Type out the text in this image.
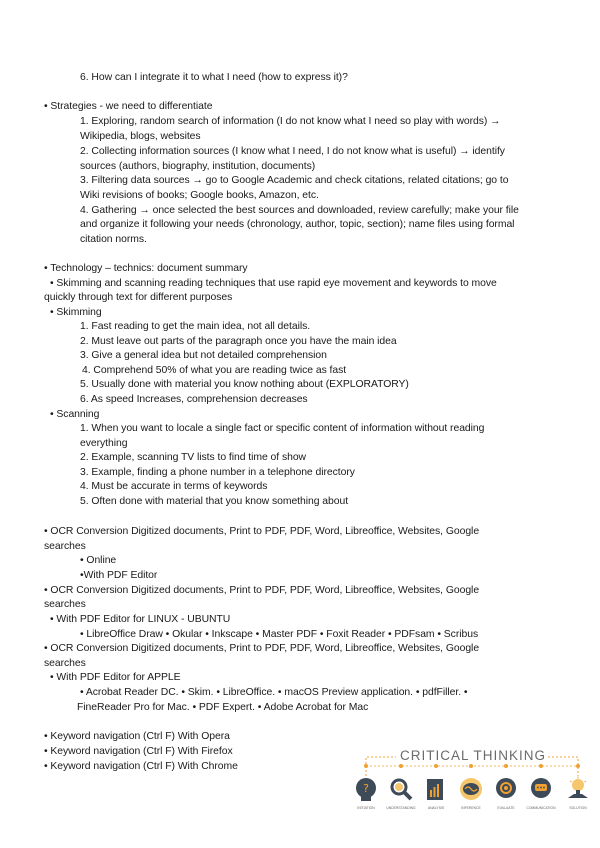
6. How can I integrate it to what I need (how to express it)?
• Strategies - we need to differentiate
1. Exploring, random search of information (I do not know what I need so play with words) →
Wikipedia, blogs, websites
2. Collecting information sources (I know what I need, I do not know what is useful) → identify
sources (authors, biography, institution, documents)
3. Filtering data sources → go to Google Academic and check citations, related citations; go to
Wiki revisions of books; Google books, Amazon, etc.
4. Gathering → once selected the best sources and downloaded, review carefully; make your file
and organize it following your needs (chronology, author, topic, section); name files using formal
citation norms.
• Technology – technics: document summary
• Skimming and scanning reading techniques that use rapid eye movement and keywords to move
quickly through text for different purposes
• Skimming
1. Fast reading to get the main idea, not all details.
2. Must leave out parts of the paragraph once you have the main idea
3. Give a general idea but not detailed comprehension
4. Comprehend 50% of what you are reading twice as fast
5. Usually done with material you know nothing about (EXPLORATORY)
6. As speed Increases, comprehension decreases
• Scanning
1. When you want to locale a single fact or specific content of information without reading
everything
2. Example, scanning TV lists to find time of show
3. Example, finding a phone number in a telephone directory
4. Must be accurate in terms of keywords
5. Often done with material that you know something about
• OCR Conversion Digitized documents, Print to PDF, PDF, Word, Libreoffice, Websites, Google
searches
• Online
•With PDF Editor
• OCR Conversion Digitized documents, Print to PDF, PDF, Word, Libreoffice, Websites, Google
searches
• With PDF Editor for LINUX - UBUNTU
• LibreOffice Draw • Okular • Inkscape • Master PDF • Foxit Reader • PDFsam • Scribus
• OCR Conversion Digitized documents, Print to PDF, PDF, Word, Libreoffice, Websites, Google
searches
• With PDF Editor for APPLE
• Acrobat Reader DC. • Skim. • LibreOffice. • macOS Preview application. • pdfFiller. •
FineReader Pro for Mac. • PDF Expert. • Adobe Acrobat for Mac
• Keyword navigation (Ctrl F) With Opera
• Keyword navigation (Ctrl F) With Firefox
• Keyword navigation (Ctrl F) With Chrome
CRITICAL THINKING
?
INITIATION	UNDERSTANDING	ANALYSIS	INFERENCE	EVALUATE	COMMUNICATION	SOLUTION
